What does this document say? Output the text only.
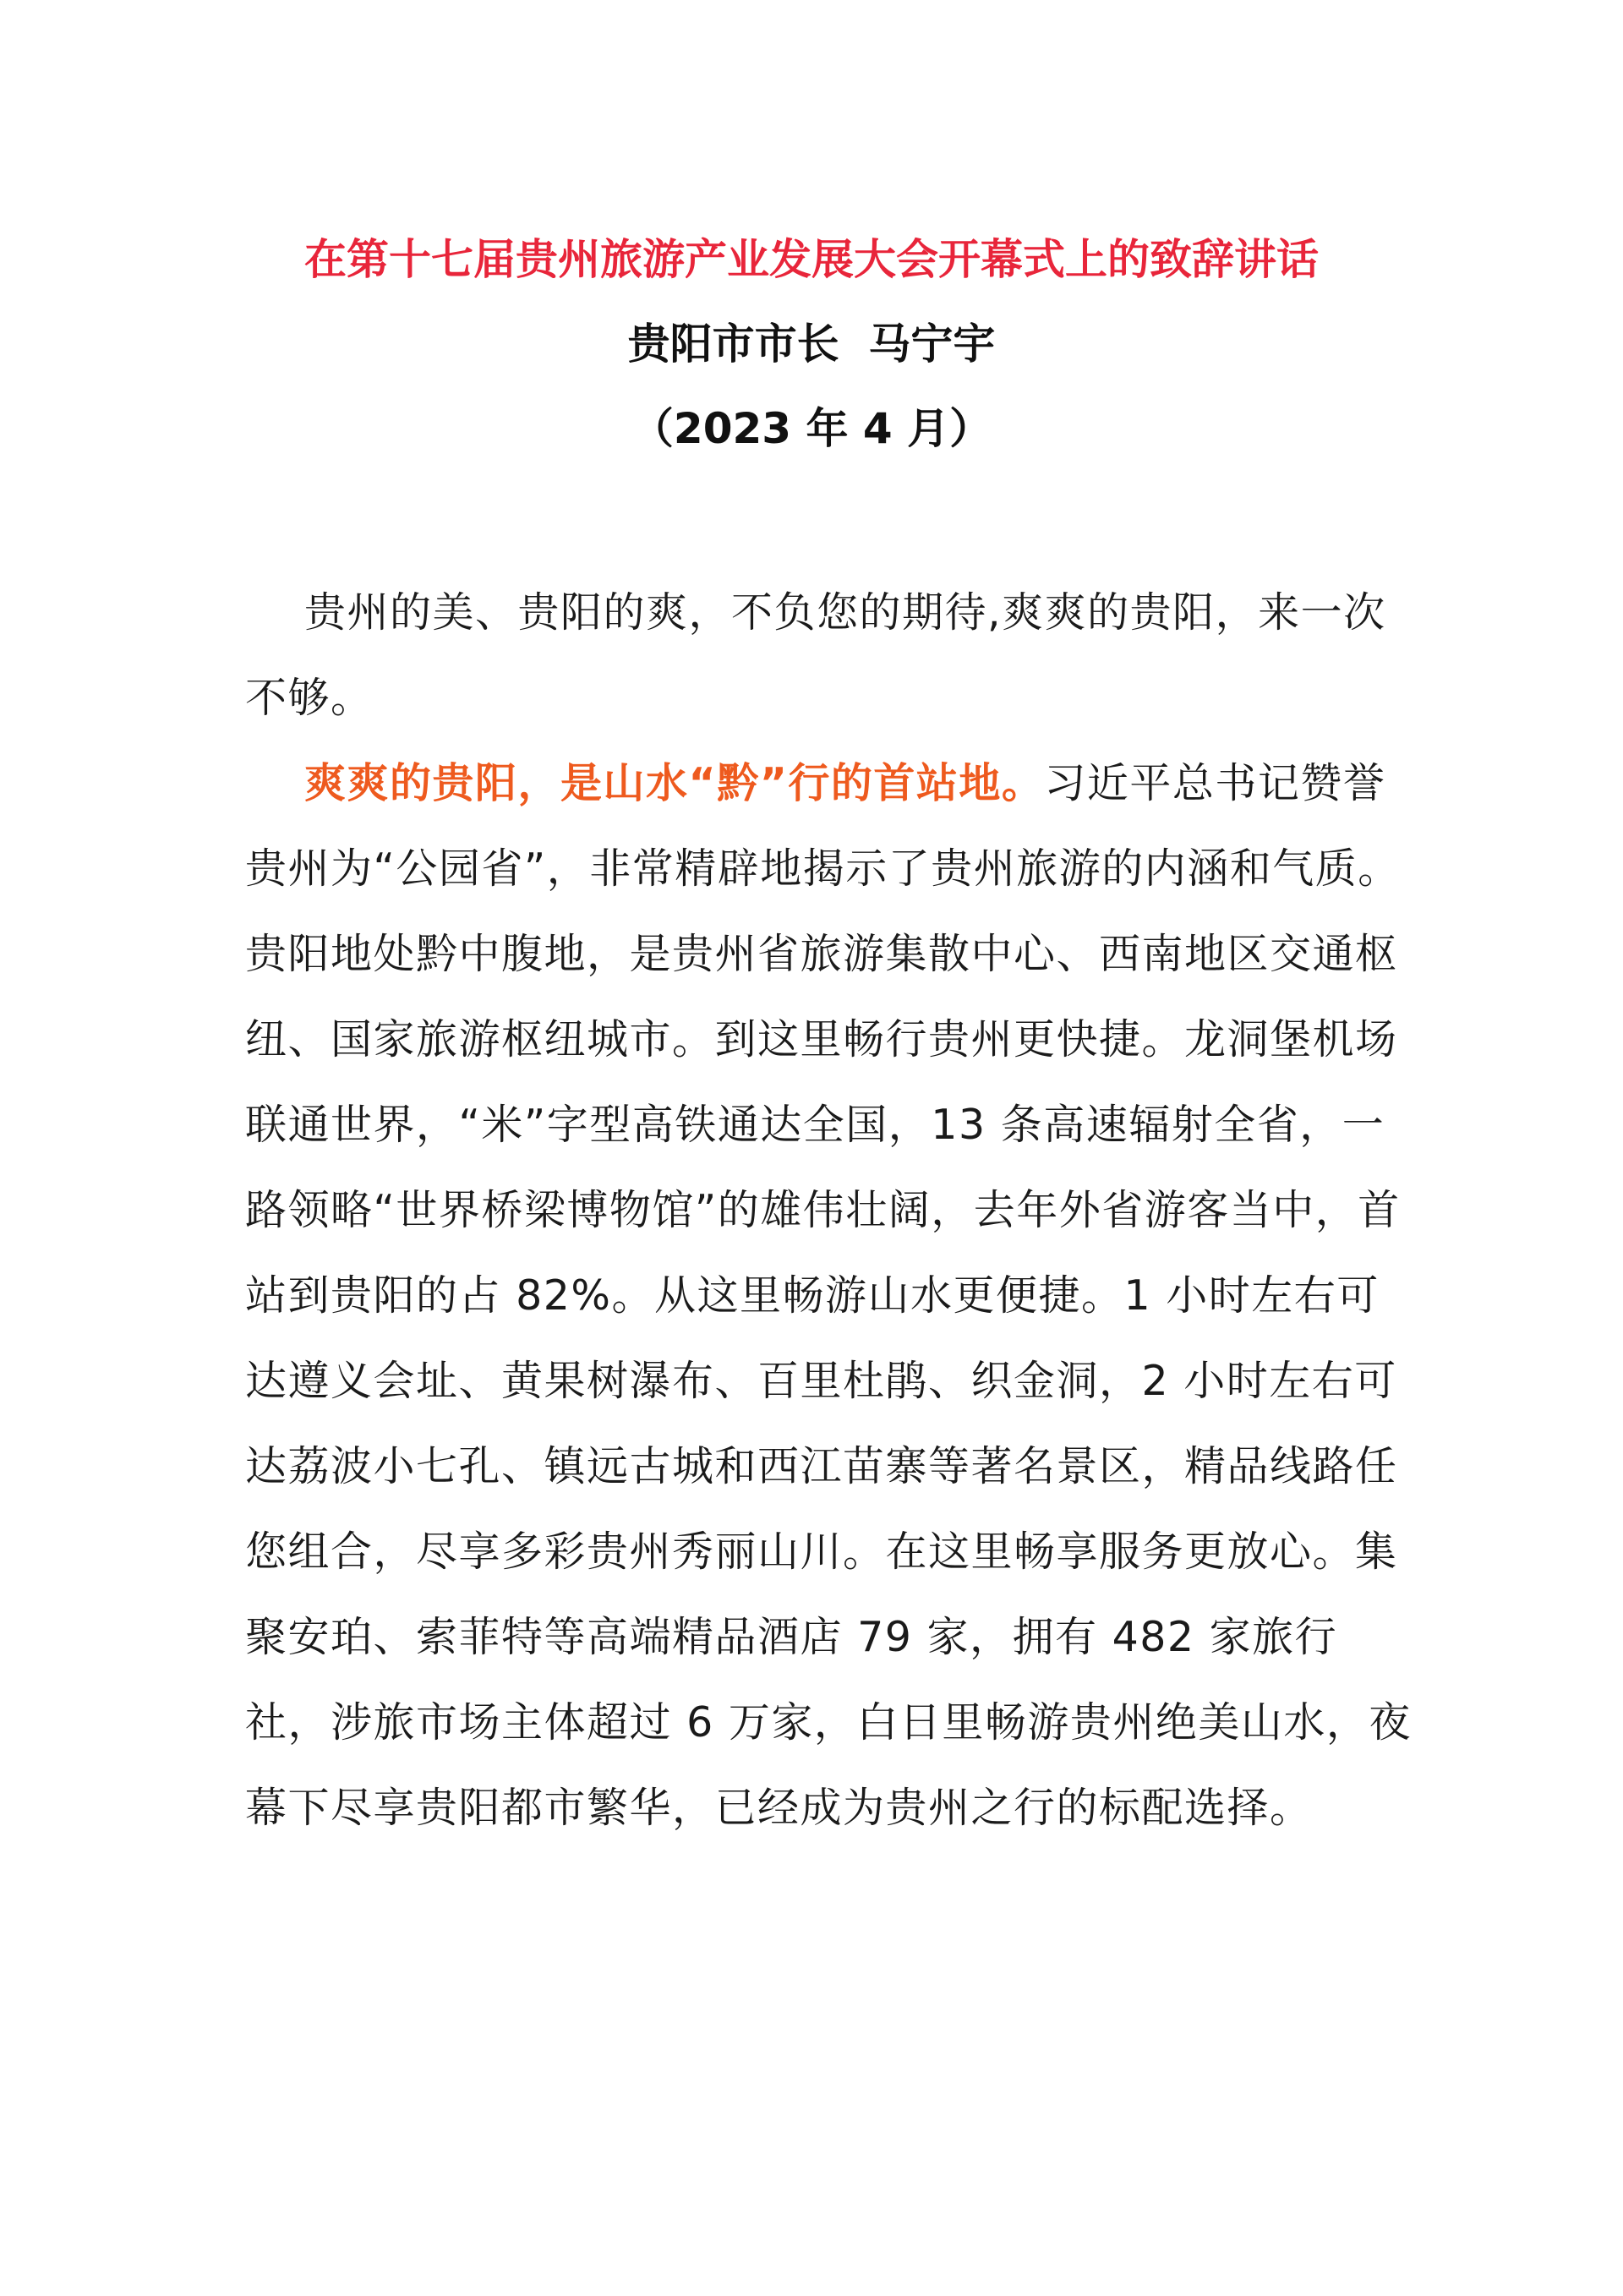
在第十七届贵州旅游产业发展大会开幕式上的致辞讲话
贵阳市市长  马宁宇
（2023 年 4 月）

贵州的美、贵阳的爽，不负您的期待,爽爽的贵阳，来一次不够。

爽爽的贵阳，是山水“黔”行的首站地。习近平总书记赞誉贵州为“公园省”，非常精辟地揭示了贵州旅游的内涵和气质。贵阳地处黔中腹地，是贵州省旅游集散中心、西南地区交通枢纽、国家旅游枢纽城市。到这里畅行贵州更快捷。龙洞堡机场联通世界，“米”字型高铁通达全国，13 条高速辐射全省，一路领略“世界桥梁博物馆”的雄伟壮阔，去年外省游客当中，首站到贵阳的占 82%。从这里畅游山水更便捷。1 小时左右可达遵义会址、黄果树瀑布、百里杜鹃、织金洞，2 小时左右可达荔波小七孔、镇远古城和西江苗寨等著名景区，精品线路任您组合，尽享多彩贵州秀丽山川。在这里畅享服务更放心。集聚安珀、索菲特等高端精品酒店 79 家，拥有 482 家旅行社，涉旅市场主体超过 6 万家，白日里畅游贵州绝美山水，夜幕下尽享贵阳都市繁华，已经成为贵州之行的标配选择。
